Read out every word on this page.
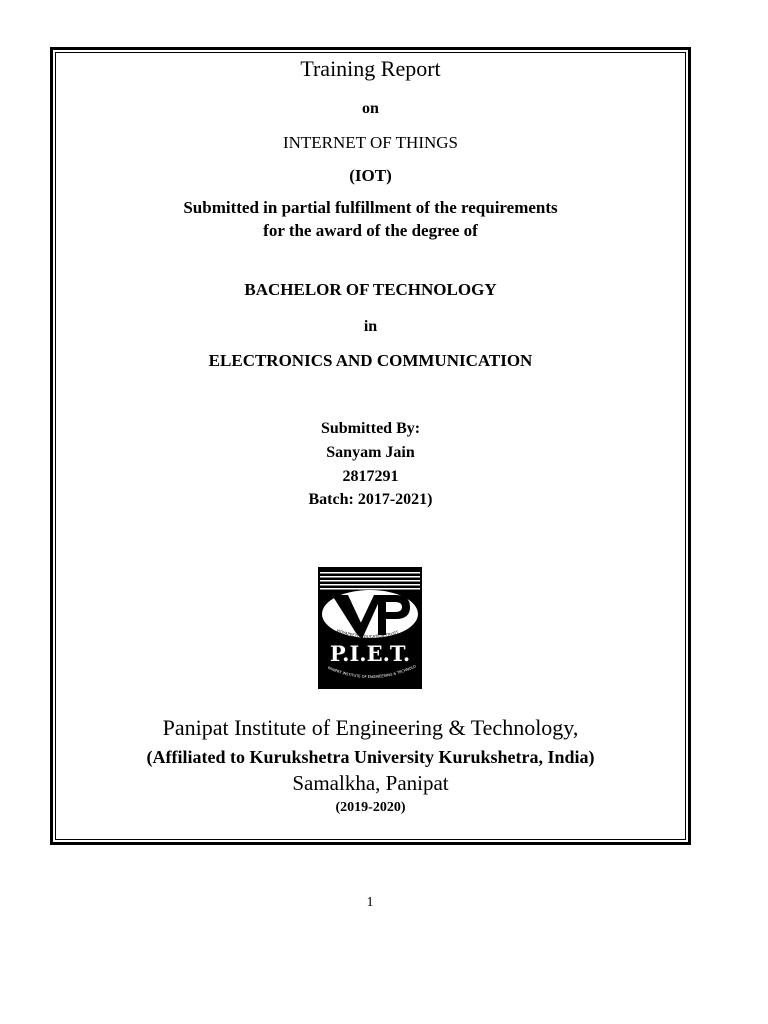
Training Report
on
INTERNET OF THINGS
(IOT)
Submitted in partial fulfillment of the requirements
for the award of the degree of
BACHELOR OF TECHNOLOGY
in
ELECTRONICS AND COMMUNICATION
Submitted By:
Sanyam Jain
2817291
Batch: 2017-2021)
VIDYAPEETH EDUCATION TRUST
P.I.E.T.
PANIPAT INSTITUTE OF ENGINEERING & TECHNOLO
Panipat Institute of Engineering & Technology,
(Affiliated to Kurukshetra University Kurukshetra, India)
Samalkha, Panipat
(2019-2020)
1
